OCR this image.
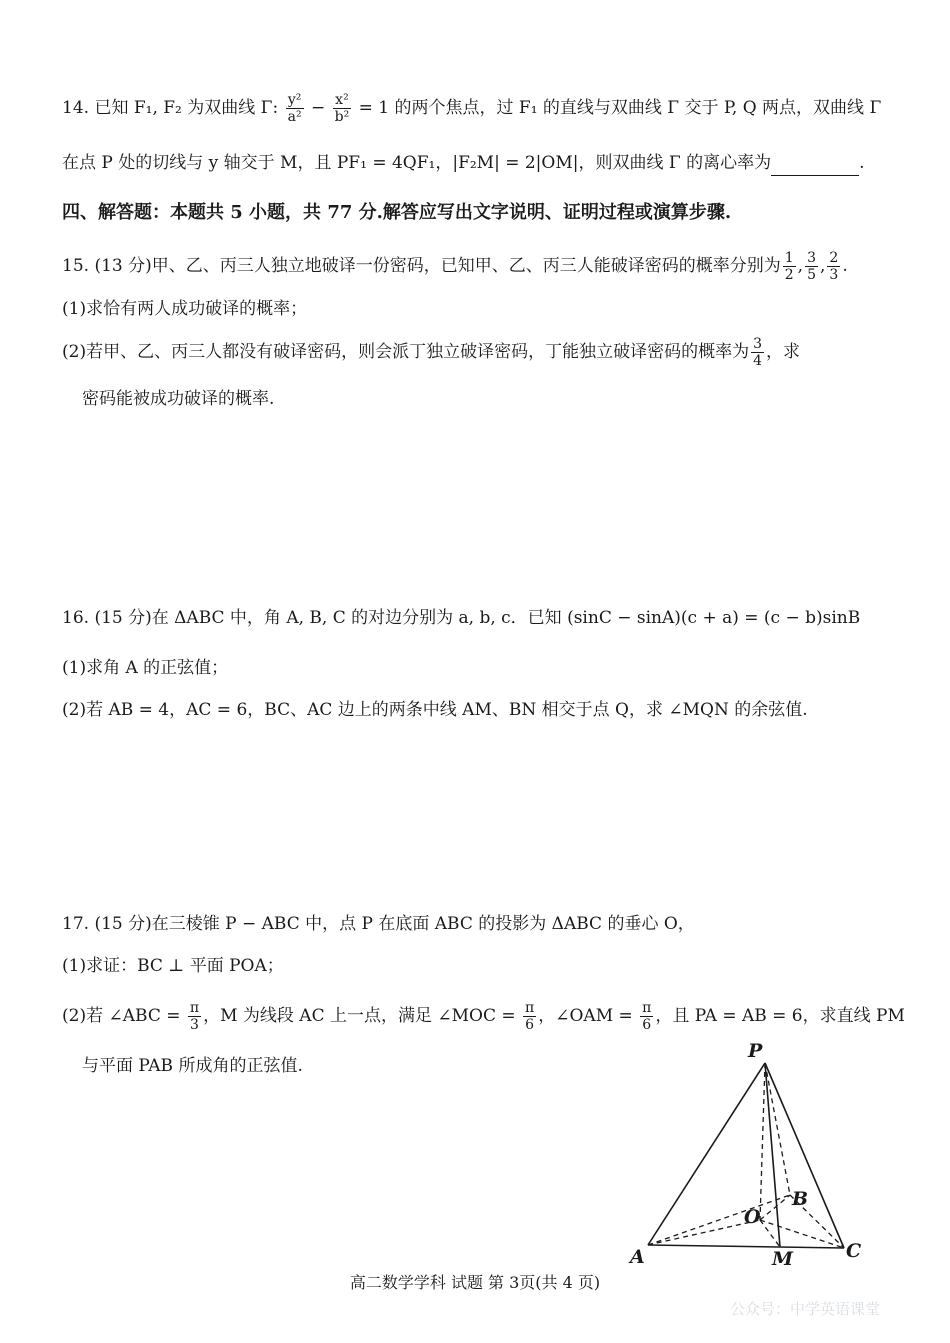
14. 已知 F₁, F₂ 为双曲线 Γ: $\frac{\text{y²}}{\text{a²}} - \frac{\text{x²}}{\text{b²}} = 1$ 的两个焦点，过 F₁ 的直线与双曲线 Γ 交于 P, Q 两点，双曲线 Γ
在点 P 处的切线与 y 轴交于 M，且 PF₁ = 4QF₁，|F₂M| = 2|OM|，则双曲线 Γ 的离心率为	.
四、解答题：本题共 5 小题，共 77 分.解答应写出文字说明、证明过程或演算步骤.
15. (13 分)甲、乙、丙三人独立地破译一份密码，已知甲、乙、丙三人能破译密码的概率分别为 $\frac{1}{2}$ , $\frac{3}{5}$ , $\frac{2}{3}$ .
(1)求恰有两人成功破译的概率；
(2)若甲、乙、丙三人都没有破译密码，则会派丁独立破译密码，丁能独立破译密码的概率为 $\frac{3}{4}$ ，求
密码能被成功破译的概率.
16. (15 分)在 ΔABC 中，角 A, B, C 的对边分别为 a, b, c．已知 (sinC − sinA)(c + a) = (c − b)sinB
(1)求角 A 的正弦值；
(2)若 AB = 4，AC = 6，BC、AC 边上的两条中线 AM、BN 相交于点 Q，求 ∠MQN 的余弦值.
17. (15 分)在三棱锥 P − ABC 中，点 P 在底面 ABC 的投影为 ΔABC 的垂心 O，
(1)求证：BC ⊥ 平面 POA；
(2)若 ∠ABC = $\frac{\pi}{3}$ ，M 为线段 AC 上一点，满足 ∠MOC = $\frac{\pi}{6}$ ，∠OAM = $\frac{\pi}{6}$ ，且 PA = AB = 6，求直线 PM
与平面 PAB 所成角的正弦值.
P
A
B
C
O
M
高二数学学科 试题 第 3页(共 4 页)
公众号：中学英语课堂
